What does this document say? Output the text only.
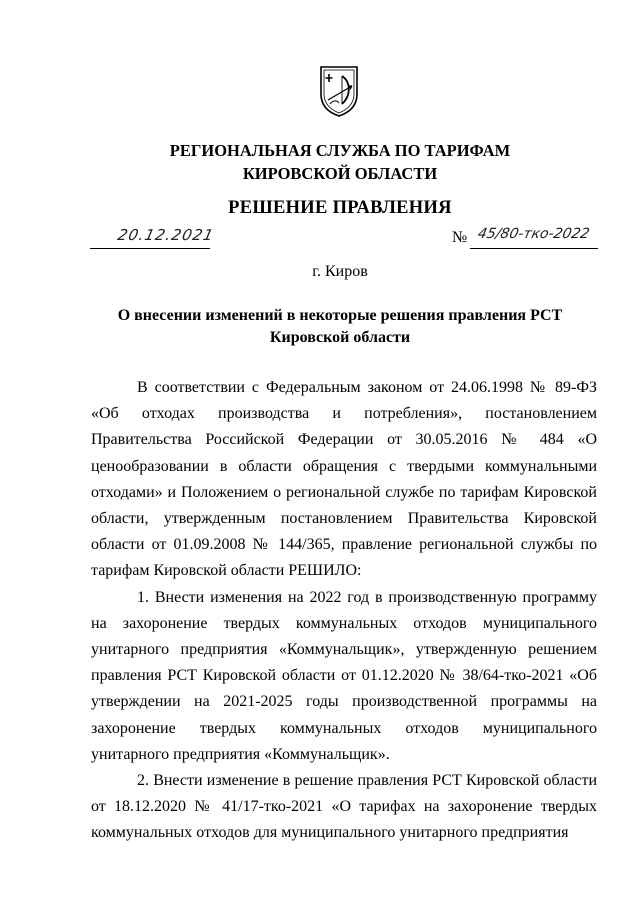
РЕГИОНАЛЬНАЯ СЛУЖБА ПО ТАРИФАМ
КИРОВСКОЙ ОБЛАСТИ
РЕШЕНИЕ ПРАВЛЕНИЯ
20.12.2021	№ 45/80-тко-2022
г. Киров
О внесении изменений в некоторые решения правления РСТ
Кировской области

В соответствии с Федеральным законом от 24.06.1998 № 89-ФЗ «Об отходах производства и потребления», постановлением Правительства Российской Федерации от 30.05.2016 № 484 «О ценообразовании в области обращения с твердыми коммунальными отходами» и Положением о региональной службе по тарифам Кировской области, утвержденным постановлением Правительства Кировской области от 01.09.2008 № 144/365, правление региональной службы по тарифам Кировской области РЕШИЛО:

1. Внести изменения на 2022 год в производственную программу на захоронение твердых коммунальных отходов муниципального унитарного предприятия «Коммунальщик», утвержденную решением правления РСТ Кировской области от 01.12.2020 № 38/64-тко-2021 «Об утверждении на 2021-2025 годы производственной программы на захоронение твердых коммунальных отходов муниципального унитарного предприятия «Коммунальщик».

2. Внести изменение в решение правления РСТ Кировской области от 18.12.2020 № 41/17-тко-2021 «О тарифах на захоронение твердых коммунальных отходов для муниципального унитарного предприятия
